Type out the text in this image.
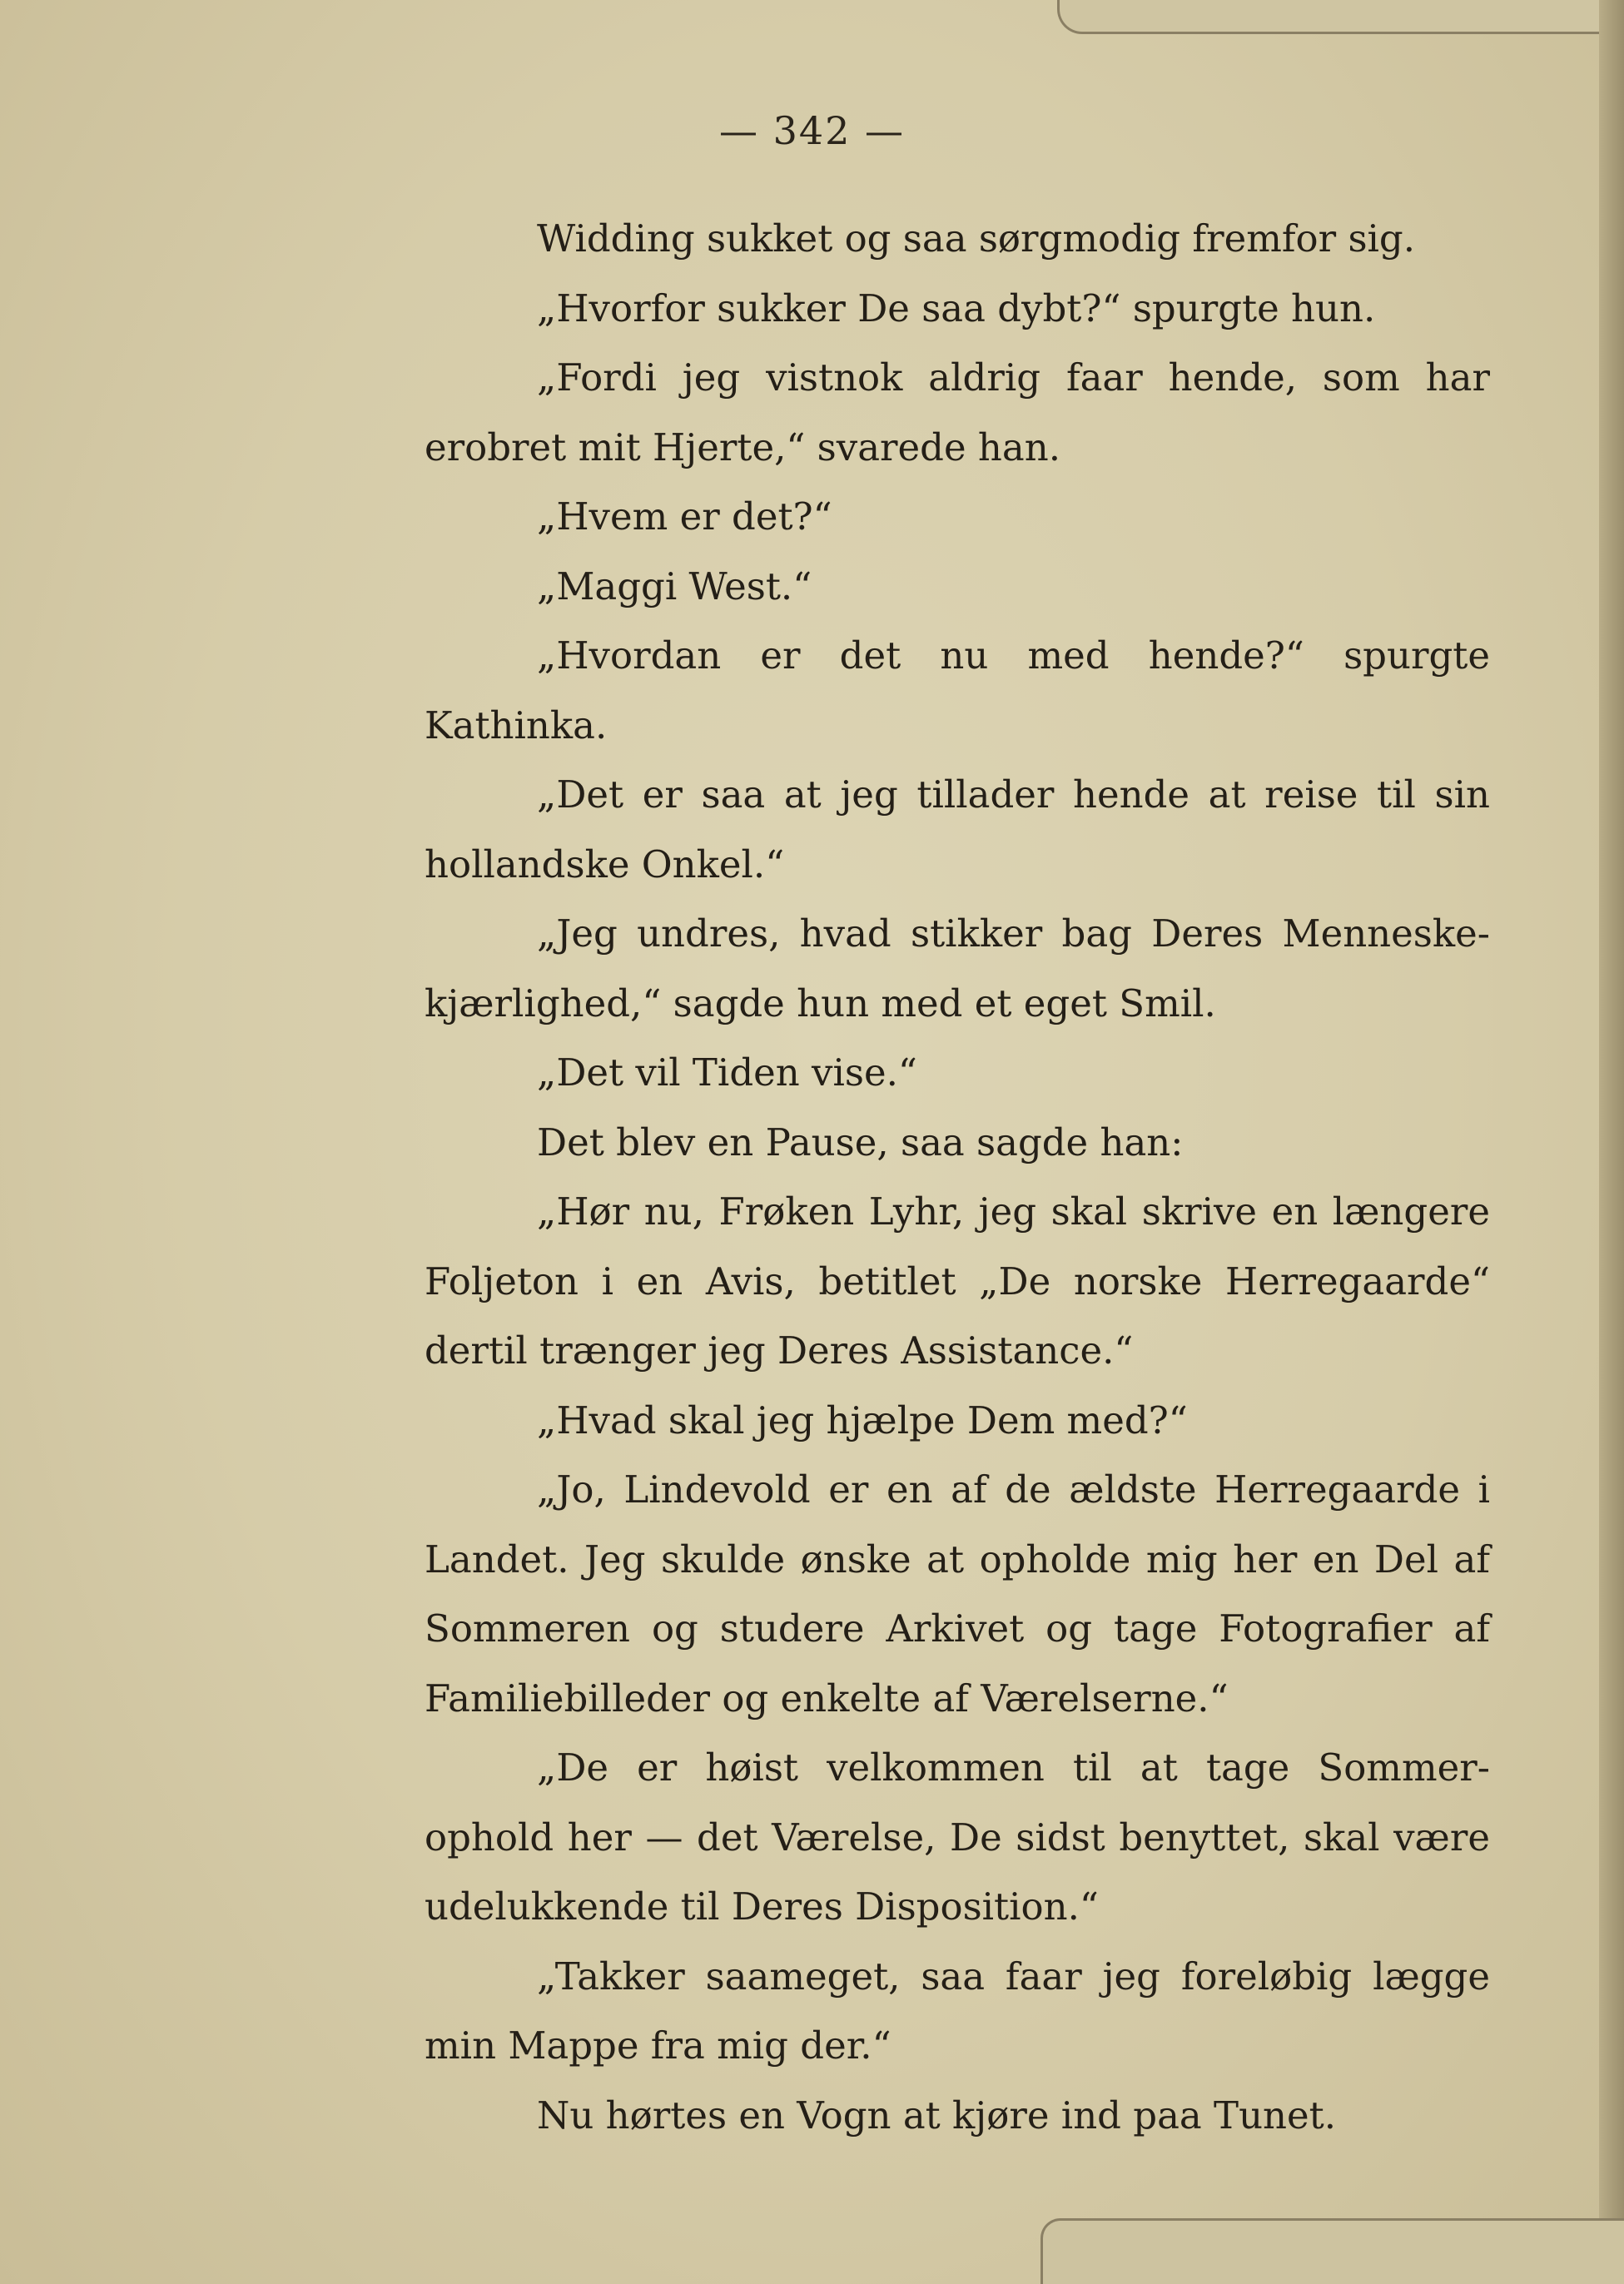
— 342 —

Widding sukket og saa sørgmodig fremfor sig.

„Hvorfor sukker De saa dybt?“ spurgte hun.

„Fordi jeg vistnok aldrig faar hende, som har erobret mit Hjerte,“ svarede han.

„Hvem er det?“

„Maggi West.“

„Hvordan er det nu med hende?“ spurgte Kathinka.

„Det er saa at jeg tillader hende at reise til sin hollandske Onkel.“

„Jeg undres, hvad stikker bag Deres Menneske-kjærlighed,“ sagde hun med et eget Smil.

„Det vil Tiden vise.“

Det blev en Pause, saa sagde han:

„Hør nu, Frøken Lyhr, jeg skal skrive en længere Foljeton i en Avis, betitlet „De norske Herregaarde“ dertil trænger jeg Deres Assistance.“

„Hvad skal jeg hjælpe Dem med?“

„Jo, Lindevold er en af de ældste Herregaarde i Landet. Jeg skulde ønske at opholde mig her en Del af Sommeren og studere Arkivet og tage Fotografier af Familiebilleder og enkelte af Værelserne.“

„De er høist velkommen til at tage Sommer-ophold her — det Værelse, De sidst benyttet, skal være udelukkende til Deres Disposition.“

„Takker saameget, saa faar jeg foreløbig lægge min Mappe fra mig der.“

Nu hørtes en Vogn at kjøre ind paa Tunet.
